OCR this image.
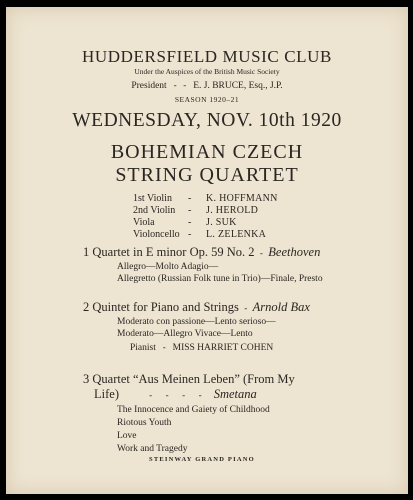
HUDDERSFIELD MUSIC CLUB
Under the Auspices of the British Music Society
President   -   -   E. J. BRUCE, Esq., J.P.
SEASON 1920–21
WEDNESDAY, NOV. 10th 1920
BOHEMIAN CZECH
STRING QUARTET
1st Violin - K. HOFFMANN
2nd Violin - J. HEROLD
Viola	- J. SUK
Violoncello - L. ZELENKA
1 Quartet in E minor Op. 59 No. 2  -  Beethoven
Allegro—Molto Adagio—
Allegretto (Russian Folk tune in Trio)—Finale, Presto
2 Quintet for Piano and Strings  -  Arnold Bax
Moderato con passione—Lento serioso—
Moderato—Allegro Vivace—Lento
Pianist   -   MISS HARRIET COHEN
3 Quartet “Aus Meinen Leben” (From My
Life)             -      -      -      -     Smetana
The Innocence and Gaiety of Childhood
Riotous Youth
Love
Work and Tragedy
STEINWAY GRAND PIANO
